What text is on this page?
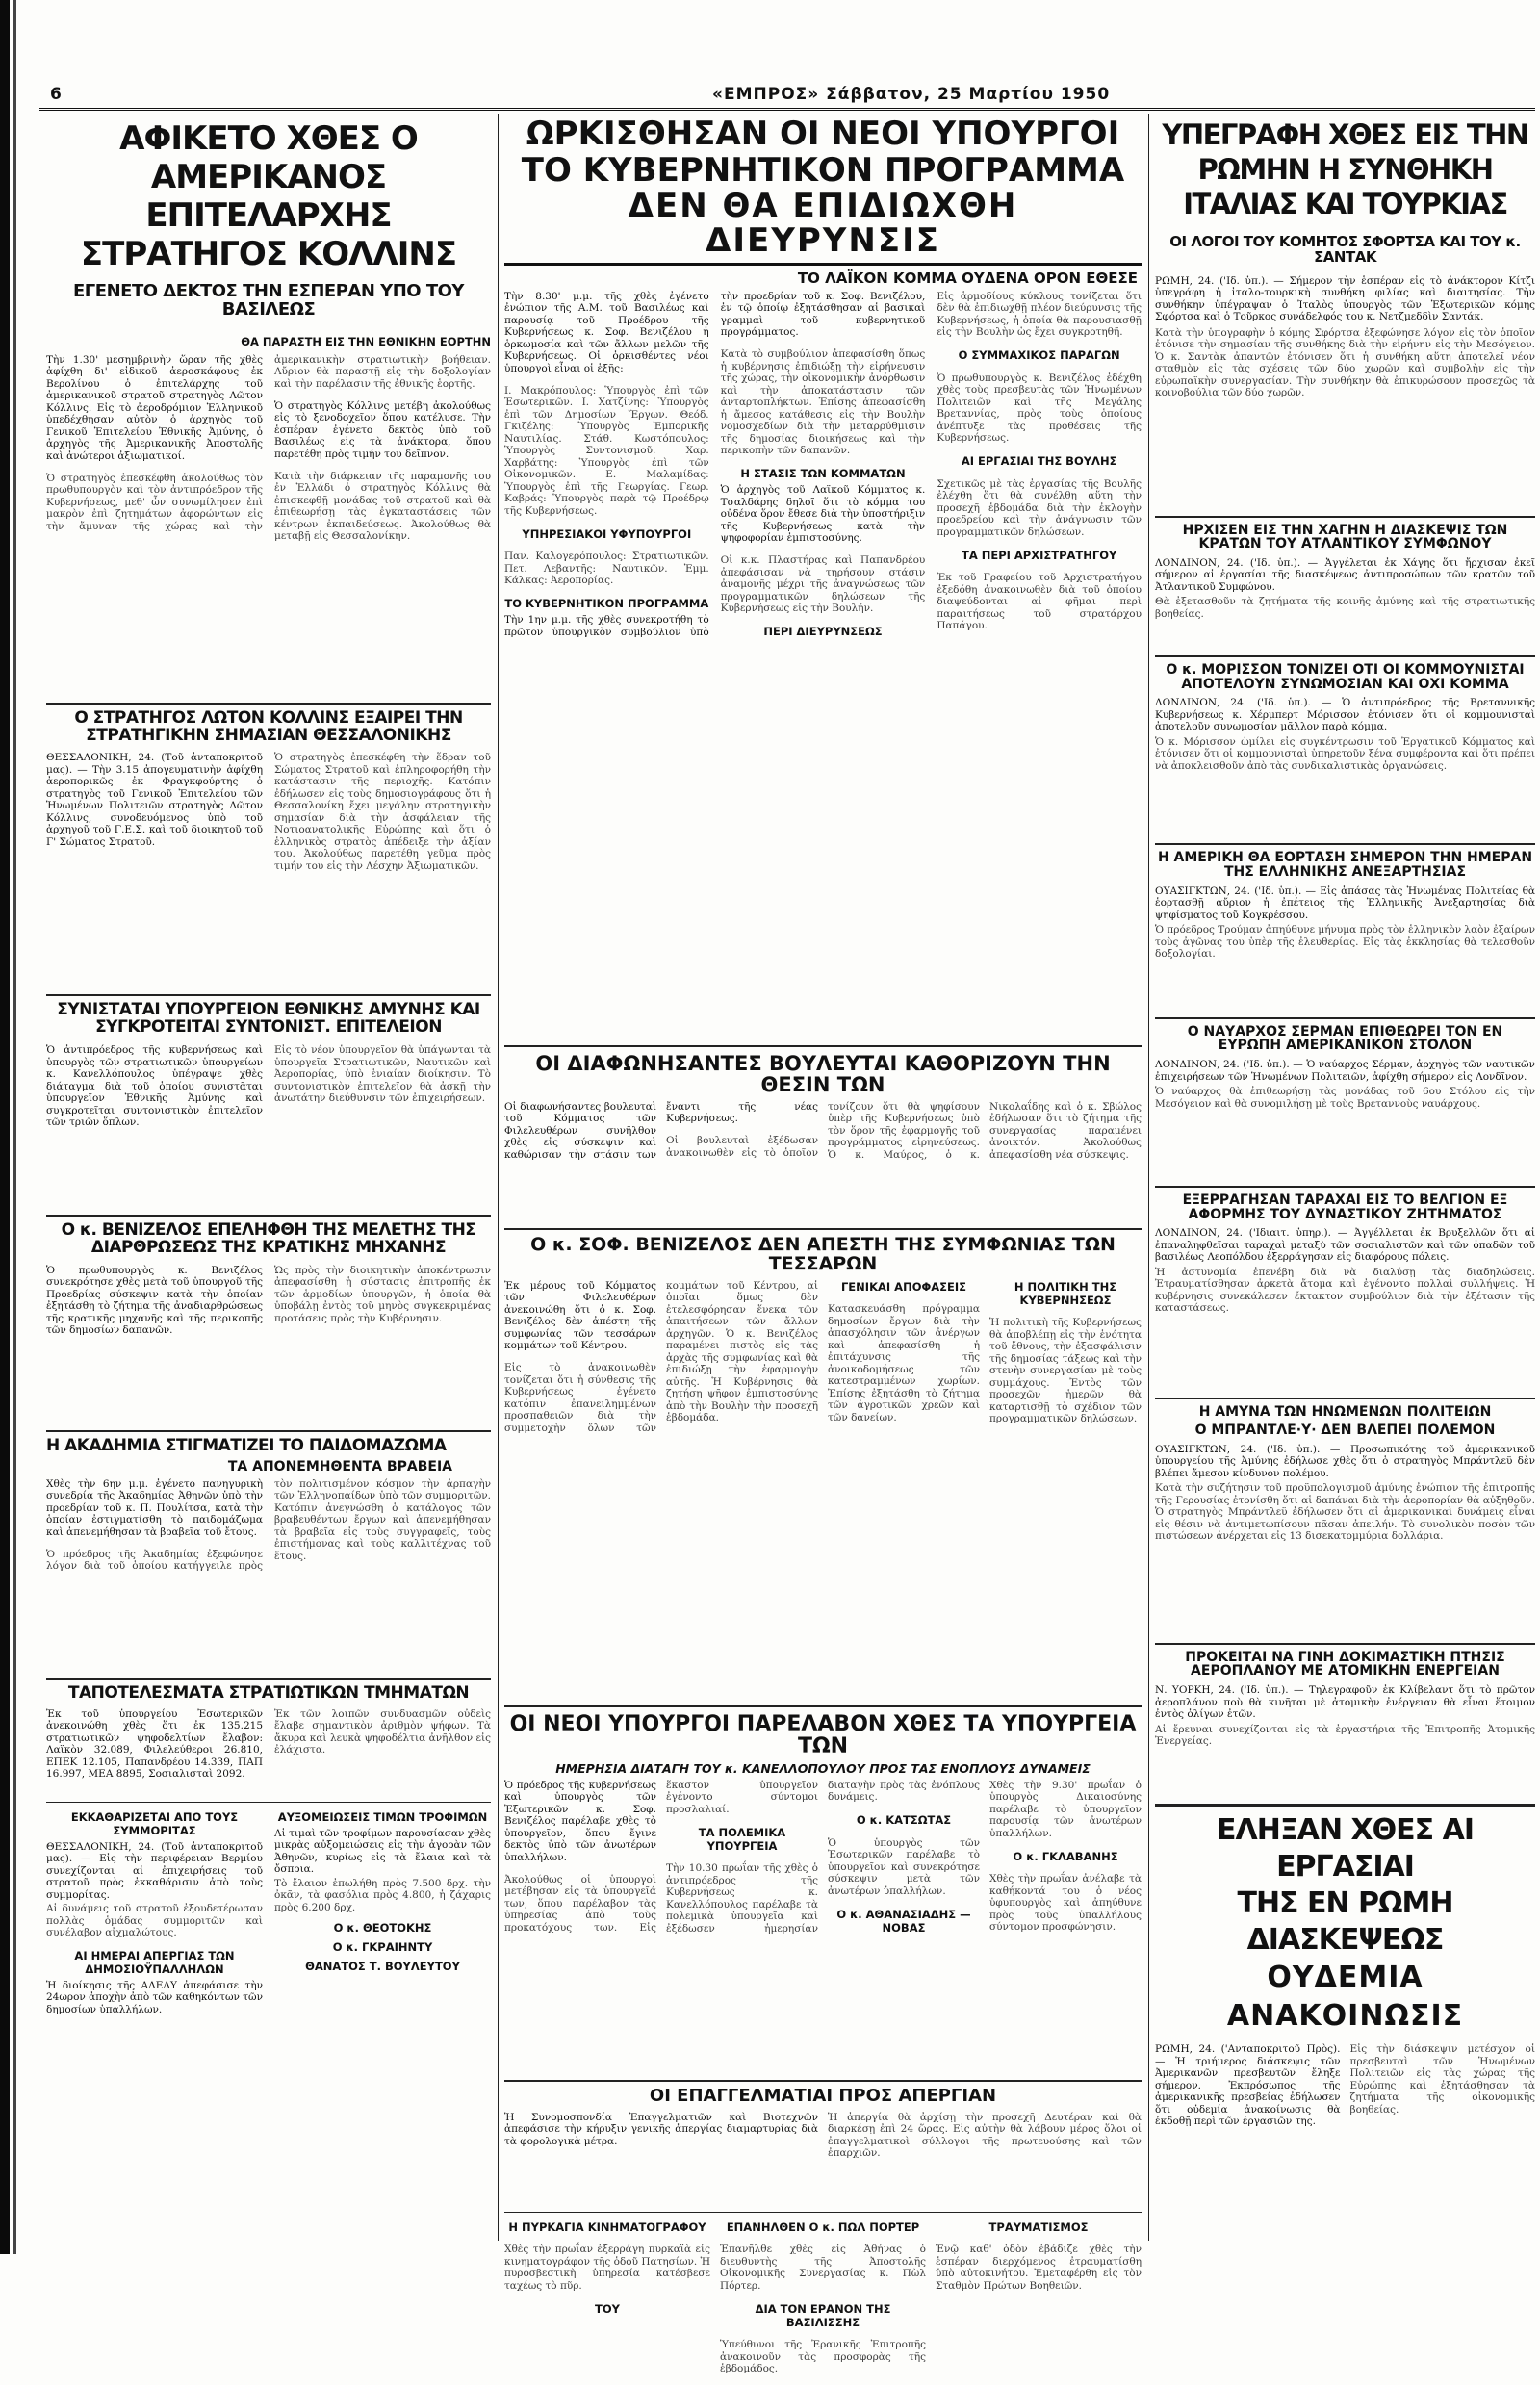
6	«ΕΜΠΡΟΣ» Σάββατον, 25 Μαρτίου 1950
ΑΦΙΚΕΤΟ ΧΘΕΣ Ο ΑΜΕΡΙΚΑΝΟΣ ΕΠΙΤΕΛΑΡΧΗΣ ΣΤΡΑΤΗΓΟΣ ΚΟΛΛΙΝΣ
ΕΓΕΝΕΤΟ ΔΕΚΤΟΣ ΤΗΝ ΕΣΠΕΡΑΝ ΥΠΟ ΤΟΥ ΒΑΣΙΛΕΩΣ
ΘΑ ΠΑΡΑΣΤΗ ΕΙΣ ΤΗΝ ΕΘΝΙΚΗΝ ΕΟΡΤΗΝ

Τὴν 1.30' μεσημβρινὴν ὥραν τῆς χθὲς ἀφίχθη δι' εἰδικοῦ ἀεροσκάφους ἐκ Βερολίνου ὁ ἐπιτελάρχης τοῦ ἀμερικανικοῦ στρατοῦ στρατηγὸς Λῶτον Κόλλινς. Εἰς τὸ ἀεροδρόμιον Ἑλληνικοῦ ὑπεδέχθησαν αὐτὸν ὁ ἀρχηγὸς τοῦ Γενικοῦ Ἐπιτελείου Ἐθνικῆς Ἀμύνης, ὁ ἀρχηγὸς τῆς Ἀμερικανικῆς Ἀποστολῆς καὶ ἀνώτεροι ἀξιωματικοί.

Ὁ στρατηγὸς ἐπεσκέφθη ἀκολούθως τὸν πρωθυπουργὸν καὶ τὸν ἀντιπρόεδρον τῆς Κυβερνήσεως, μεθ' ὧν συνωμίλησεν ἐπὶ μακρὸν ἐπὶ ζητημάτων ἀφορώντων εἰς τὴν ἄμυναν τῆς χώρας καὶ τὴν ἀμερικανικὴν στρατιωτικὴν βοήθειαν. Αὔριον θὰ παραστῇ εἰς τὴν δοξολογίαν καὶ τὴν παρέλασιν τῆς ἐθνικῆς ἑορτῆς.

Ὁ στρατηγὸς Κόλλινς μετέβη ἀκολούθως εἰς τὸ ξενοδοχεῖον ὅπου κατέλυσε. Τὴν ἑσπέραν ἐγένετο δεκτὸς ὑπὸ τοῦ Βασιλέως εἰς τὰ ἀνάκτορα, ὅπου παρετέθη πρὸς τιμήν του δεῖπνον.

Κατὰ τὴν διάρκειαν τῆς παραμονῆς του ἐν Ἑλλάδι ὁ στρατηγὸς Κόλλινς θὰ ἐπισκεφθῇ μονάδας τοῦ στρατοῦ καὶ θὰ ἐπιθεωρήσῃ τὰς ἐγκαταστάσεις τῶν κέντρων ἐκπαιδεύσεως. Ἀκολούθως θὰ μεταβῇ εἰς Θεσσαλονίκην.

Ο ΣΤΡΑΤΗΓΟΣ ΛΩΤΟΝ ΚΟΛΛΙΝΣ ΕΞΑΙΡΕΙ ΤΗΝ ΣΤΡΑΤΗΓΙΚΗΝ ΣΗΜΑΣΙΑΝ ΘΕΣΣΑΛΟΝΙΚΗΣ

ΘΕΣΣΑΛΟΝΙΚΗ, 24. (Τοῦ ἀνταποκριτοῦ μας). — Τὴν 3.15 ἀπογευματινὴν ἀφίχθη ἀεροπορικῶς ἐκ Φραγκφούρτης ὁ στρατηγὸς τοῦ Γενικοῦ Ἐπιτελείου τῶν Ἡνωμένων Πολιτειῶν στρατηγὸς Λῶτον Κόλλινς, συνοδευόμενος ὑπὸ τοῦ ἀρχηγοῦ τοῦ Γ.Ε.Σ. καὶ τοῦ διοικητοῦ τοῦ Γ' Σώματος Στρατοῦ.

Ὁ στρατηγὸς ἐπεσκέφθη τὴν ἕδραν τοῦ Σώματος Στρατοῦ καὶ ἐπληροφορήθη τὴν κατάστασιν τῆς περιοχῆς. Κατόπιν ἐδήλωσεν εἰς τοὺς δημοσιογράφους ὅτι ἡ Θεσσαλονίκη ἔχει μεγάλην στρατηγικὴν σημασίαν διὰ τὴν ἀσφάλειαν τῆς Νοτιοανατολικῆς Εὐρώπης καὶ ὅτι ὁ ἑλληνικὸς στρατὸς ἀπέδειξε τὴν ἀξίαν του. Ἀκολούθως παρετέθη γεῦμα πρὸς τιμήν του εἰς τὴν Λέσχην Ἀξιωματικῶν.

ΣΥΝΙΣΤΑΤΑΙ ΥΠΟΥΡΓΕΙΟΝ ΕΘΝΙΚΗΣ ΑΜΥΝΗΣ ΚΑΙ ΣΥΓΚΡΟΤΕΙΤΑΙ ΣΥΝΤΟΝΙΣΤ. ΕΠΙΤΕΛΕΙΟΝ

Ὁ ἀντιπρόεδρος τῆς κυβερνήσεως καὶ ὑπουργὸς τῶν στρατιωτικῶν ὑπουργείων κ. Κανελλόπουλος ὑπέγραψε χθὲς διάταγμα διὰ τοῦ ὁποίου συνιστᾶται ὑπουργεῖον Ἐθνικῆς Ἀμύνης καὶ συγκροτεῖται συντονιστικὸν ἐπιτελεῖον τῶν τριῶν ὅπλων.

Εἰς τὸ νέον ὑπουργεῖον θὰ ὑπάγωνται τὰ ὑπουργεῖα Στρατιωτικῶν, Ναυτικῶν καὶ Ἀεροπορίας, ὑπὸ ἑνιαίαν διοίκησιν. Τὸ συντονιστικὸν ἐπιτελεῖον θὰ ἀσκῇ τὴν ἀνωτάτην διεύθυνσιν τῶν ἐπιχειρήσεων.

Ο κ. ΒΕΝΙΖΕΛΟΣ ΕΠΕΛΗΦΘΗ ΤΗΣ ΜΕΛΕΤΗΣ ΤΗΣ ΔΙΑΡΘΡΩΣΕΩΣ ΤΗΣ ΚΡΑΤΙΚΗΣ ΜΗΧΑΝΗΣ

Ὁ πρωθυπουργὸς κ. Βενιζέλος συνεκρότησε χθὲς μετὰ τοῦ ὑπουργοῦ τῆς Προεδρίας σύσκεψιν κατὰ τὴν ὁποίαν ἐξητάσθη τὸ ζήτημα τῆς ἀναδιαρθρώσεως τῆς κρατικῆς μηχανῆς καὶ τῆς περικοπῆς τῶν δημοσίων δαπανῶν.

Ὡς πρὸς τὴν διοικητικὴν ἀποκέντρωσιν ἀπεφασίσθη ἡ σύστασις ἐπιτροπῆς ἐκ τῶν ἁρμοδίων ὑπουργῶν, ἡ ὁποία θὰ ὑποβάλῃ ἐντὸς τοῦ μηνὸς συγκεκριμένας προτάσεις πρὸς τὴν Κυβέρνησιν.

Η ΑΚΑΔΗΜΙΑ ΣΤΙΓΜΑΤΙΖΕΙ ΤΟ ΠΑΙΔΟΜΑΖΩΜΑ
ΤΑ ΑΠΟΝΕΜΗΘΕΝΤΑ ΒΡΑΒΕΙΑ

Χθὲς τὴν 6ην μ.μ. ἐγένετο πανηγυρικὴ συνεδρία τῆς Ἀκαδημίας Ἀθηνῶν ὑπὸ τὴν προεδρίαν τοῦ κ. Π. Πουλίτσα, κατὰ τὴν ὁποίαν ἐστιγματίσθη τὸ παιδομάζωμα καὶ ἀπενεμήθησαν τὰ βραβεῖα τοῦ ἔτους.

Ὁ πρόεδρος τῆς Ἀκαδημίας ἐξεφώνησε λόγον διὰ τοῦ ὁποίου κατήγγειλε πρὸς τὸν πολιτισμένον κόσμον τὴν ἀρπαγὴν τῶν Ἑλληνοπαίδων ὑπὸ τῶν συμμοριτῶν. Κατόπιν ἀνεγνώσθη ὁ κατάλογος τῶν βραβευθέντων ἔργων καὶ ἀπενεμήθησαν τὰ βραβεῖα εἰς τοὺς συγγραφεῖς, τοὺς ἐπιστήμονας καὶ τοὺς καλλιτέχνας τοῦ ἔτους.

ΤΑΠΟΤΕΛΕΣΜΑΤΑ ΣΤΡΑΤΙΩΤΙΚΩΝ ΤΜΗΜΑΤΩΝ

Ἐκ τοῦ ὑπουργείου Ἐσωτερικῶν ἀνεκοινώθη χθὲς ὅτι ἐκ 135.215 στρατιωτικῶν ψηφοδελτίων ἔλαβον: Λαϊκὸν 32.089, Φιλελεύθεροι 26.810, ΕΠΕΚ 12.105, Παπανδρέου 14.339, ΠΑΠ 16.997, ΜΕΑ 8895, Σοσιαλισταὶ 2092.

Ἐκ τῶν λοιπῶν συνδυασμῶν οὐδεὶς ἔλαβε σημαντικὸν ἀριθμὸν ψήφων. Τὰ ἄκυρα καὶ λευκὰ ψηφοδέλτια ἀνῆλθον εἰς ἐλάχιστα.

ΕΚΚΑΘΑΡΙΖΕΤΑΙ ΑΠΟ ΤΟΥΣ ΣΥΜΜΟΡΙΤΑΣ

ΘΕΣΣΑΛΟΝΙΚΗ, 24. (Τοῦ ἀνταποκριτοῦ μας). — Εἰς τὴν περιφέρειαν Βερμίου συνεχίζονται αἱ ἐπιχειρήσεις τοῦ στρατοῦ πρὸς ἐκκαθάρισιν ἀπὸ τοὺς συμμορίτας.

Αἱ δυνάμεις τοῦ στρατοῦ ἐξουδετέρωσαν πολλὰς ὁμάδας συμμοριτῶν καὶ συνέλαβον αἰχμαλώτους.

ΑΙ ΗΜΕΡΑΙ ΑΠΕΡΓΙΑΣ ΤΩΝ ΔΗΜΟΣΙΟΫΠΑΛΛΗΛΩΝ

Ἡ διοίκησις τῆς ΑΔΕΔΥ ἀπεφάσισε τὴν 24ωρον ἀποχὴν ἀπὸ τῶν καθηκόντων τῶν δημοσίων ὑπαλλήλων.

ΑΥΞΟΜΕΙΩΣΕΙΣ ΤΙΜΩΝ ΤΡΟΦΙΜΩΝ

Αἱ τιμαὶ τῶν τροφίμων παρουσίασαν χθὲς μικρὰς αὐξομειώσεις εἰς τὴν ἀγορὰν τῶν Ἀθηνῶν, κυρίως εἰς τὰ ἔλαια καὶ τὰ ὄσπρια.

Τὸ ἔλαιον ἐπωλήθη πρὸς 7.500 δρχ. τὴν ὀκᾶν, τὰ φασόλια πρὸς 4.800, ἡ ζάχαρις πρὸς 6.200 δρχ.

Ο κ. ΘΕΟΤΟΚΗΣ
Ο κ. ΓΚΡΑΙΗΝΤΥ
ΘΑΝΑΤΟΣ Τ. ΒΟΥΛΕΥΤΟΥ
ΩΡΚΙΣΘΗΣΑΝ ΟΙ ΝΕΟΙ ΥΠΟΥΡΓΟΙ
ΤΟ ΚΥΒΕΡΝΗΤΙΚΟΝ ΠΡΟΓΡΑΜΜΑ
ΔΕΝ ΘΑ ΕΠΙΔΙΩΧΘΗ ΔΙΕΥΡΥΝΣΙΣ
ΤΟ ΛΑΪΚΟΝ ΚΟΜΜΑ ΟΥΔΕΝΑ ΟΡΟΝ ΕΘΕΣΕ

Τὴν 8.30' μ.μ. τῆς χθὲς ἐγένετο ἐνώπιον τῆς Α.Μ. τοῦ Βασιλέως καὶ παρουσίᾳ τοῦ Προέδρου τῆς Κυβερνήσεως κ. Σοφ. Βενιζέλου ἡ ὁρκωμοσία καὶ τῶν ἄλλων μελῶν τῆς Κυβερνήσεως. Οἱ ὁρκισθέντες νέοι ὑπουργοὶ εἶναι οἱ ἑξῆς:

Ι. Μακρόπουλος: Ὑπουργὸς ἐπὶ τῶν Ἐσωτερικῶν. Ι. Χατζίνης: Ὑπουργὸς ἐπὶ τῶν Δημοσίων Ἔργων. Θεόδ. Γκιζέλης: Ὑπουργὸς Ἐμπορικῆς Ναυτιλίας. Στάθ. Κωστόπουλος: Ὑπουργὸς Συντονισμοῦ. Χαρ. Χαρβάτης: Ὑπουργὸς ἐπὶ τῶν Οἰκονομικῶν. Ε. Μαλαμίδας: Ὑπουργὸς ἐπὶ τῆς Γεωργίας. Γεωρ. Καβράς: Ὑπουργὸς παρὰ τῷ Προέδρῳ τῆς Κυβερνήσεως.

ΥΠΗΡΕΣΙΑΚΟΙ ΥΦΥΠΟΥΡΓΟΙ

Παν. Καλογερόπουλος: Στρατιωτικῶν. Πετ. Λεβαντῆς: Ναυτικῶν. Ἐμμ. Κάλκας: Ἀεροπορίας.

ΤΟ ΚΥΒΕΡΝΗΤΙΚΟΝ ΠΡΟΓΡΑΜΜΑ

Τὴν 1ην μ.μ. τῆς χθὲς συνεκροτήθη τὸ πρῶτον ὑπουργικὸν συμβούλιον ὑπὸ τὴν προεδρίαν τοῦ κ. Σοφ. Βενιζέλου, ἐν τῷ ὁποίῳ ἐξητάσθησαν αἱ βασικαὶ γραμμαὶ τοῦ κυβερνητικοῦ προγράμματος.

Κατὰ τὸ συμβούλιον ἀπεφασίσθη ὅπως ἡ κυβέρνησις ἐπιδιώξῃ τὴν εἰρήνευσιν τῆς χώρας, τὴν οἰκονομικὴν ἀνόρθωσιν καὶ τὴν ἀποκατάστασιν τῶν ἀνταρτοπλήκτων. Ἐπίσης ἀπεφασίσθη ἡ ἄμεσος κατάθεσις εἰς τὴν Βουλὴν νομοσχεδίων διὰ τὴν μεταρρύθμισιν τῆς δημοσίας διοικήσεως καὶ τὴν περικοπὴν τῶν δαπανῶν.

Η ΣΤΑΣΙΣ ΤΩΝ ΚΟΜΜΑΤΩΝ

Ὁ ἀρχηγὸς τοῦ Λαϊκοῦ Κόμματος κ. Τσαλδάρης δηλοῖ ὅτι τὸ κόμμα του οὐδένα ὅρον ἔθεσε διὰ τὴν ὑποστήριξιν τῆς Κυβερνήσεως κατὰ τὴν ψηφοφορίαν ἐμπιστοσύνης.

Οἱ κ.κ. Πλαστήρας καὶ Παπανδρέου ἀπεφάσισαν νὰ τηρήσουν στάσιν ἀναμονῆς μέχρι τῆς ἀναγνώσεως τῶν προγραμματικῶν δηλώσεων τῆς Κυβερνήσεως εἰς τὴν Βουλήν.

ΠΕΡΙ ΔΙΕΥΡΥΝΣΕΩΣ

Εἰς ἁρμοδίους κύκλους τονίζεται ὅτι δὲν θὰ ἐπιδιωχθῇ πλέον διεύρυνσις τῆς Κυβερνήσεως, ἡ ὁποία θὰ παρουσιασθῇ εἰς τὴν Βουλὴν ὡς ἔχει συγκροτηθῆ.

Ο ΣΥΜΜΑΧΙΚΟΣ ΠΑΡΑΓΩΝ

Ὁ πρωθυπουργὸς κ. Βενιζέλος ἐδέχθη χθὲς τοὺς πρεσβευτὰς τῶν Ἡνωμένων Πολιτειῶν καὶ τῆς Μεγάλης Βρεταννίας, πρὸς τοὺς ὁποίους ἀνέπτυξε τὰς προθέσεις τῆς Κυβερνήσεως.

ΑΙ ΕΡΓΑΣΙΑΙ ΤΗΣ ΒΟΥΛΗΣ

Σχετικῶς μὲ τὰς ἐργασίας τῆς Βουλῆς ἐλέχθη ὅτι θὰ συνέλθῃ αὕτη τὴν προσεχῆ ἑβδομάδα διὰ τὴν ἐκλογὴν προεδρείου καὶ τὴν ἀνάγνωσιν τῶν προγραμματικῶν δηλώσεων.

ΤΑ ΠΕΡΙ ΑΡΧΙΣΤΡΑΤΗΓΟΥ

Ἐκ τοῦ Γραφείου τοῦ Ἀρχιστρατήγου ἐξεδόθη ἀνακοινωθὲν διὰ τοῦ ὁποίου διαψεύδονται αἱ φῆμαι περὶ παραιτήσεως τοῦ στρατάρχου Παπάγου.

ΟΙ ΔΙΑΦΩΝΗΣΑΝΤΕΣ ΒΟΥΛΕΥΤΑΙ ΚΑΘΟΡΙΖΟΥΝ ΤΗΝ ΘΕΣΙΝ ΤΩΝ

Οἱ διαφωνήσαντες βουλευταὶ τοῦ Κόμματος τῶν Φιλελευθέρων συνῆλθον χθὲς εἰς σύσκεψιν καὶ καθώρισαν τὴν στάσιν των ἔναντι τῆς νέας Κυβερνήσεως.

Οἱ βουλευταὶ ἐξέδωσαν ἀνακοινωθὲν εἰς τὸ ὁποῖον τονίζουν ὅτι θὰ ψηφίσουν ὑπὲρ τῆς Κυβερνήσεως ὑπὸ τὸν ὅρον τῆς ἐφαρμογῆς τοῦ προγράμματος εἰρηνεύσεως. Ὁ κ. Μαύρος, ὁ κ. Νικολαΐδης καὶ ὁ κ. Σβώλος ἐδήλωσαν ὅτι τὸ ζήτημα τῆς συνεργασίας παραμένει ἀνοικτόν. Ἀκολούθως ἀπεφασίσθη νέα σύσκεψις.

Ο κ. ΣΟΦ. ΒΕΝΙΖΕΛΟΣ ΔΕΝ ΑΠΕΣΤΗ ΤΗΣ ΣΥΜΦΩΝΙΑΣ ΤΩΝ ΤΕΣΣΑΡΩΝ

Ἐκ μέρους τοῦ Κόμματος τῶν Φιλελευθέρων ἀνεκοινώθη ὅτι ὁ κ. Σοφ. Βενιζέλος δὲν ἀπέστη τῆς συμφωνίας τῶν τεσσάρων κομμάτων τοῦ Κέντρου.

Εἰς τὸ ἀνακοινωθὲν τονίζεται ὅτι ἡ σύνθεσις τῆς Κυβερνήσεως ἐγένετο κατόπιν ἐπανειλημμένων προσπαθειῶν διὰ τὴν συμμετοχὴν ὅλων τῶν κομμάτων τοῦ Κέντρου, αἱ ὁποῖαι ὅμως δὲν ἐτελεσφόρησαν ἕνεκα τῶν ἀπαιτήσεων τῶν ἄλλων ἀρχηγῶν. Ὁ κ. Βενιζέλος παραμένει πιστὸς εἰς τὰς ἀρχὰς τῆς συμφωνίας καὶ θὰ ἐπιδιώξῃ τὴν ἐφαρμογὴν αὐτῆς. Ἡ Κυβέρνησις θὰ ζητήσῃ ψῆφον ἐμπιστοσύνης ἀπὸ τὴν Βουλὴν τὴν προσεχῆ ἑβδομάδα.

ΓΕΝΙΚΑΙ ΑΠΟΦΑΣΕΙΣ

Κατασκευάσθη πρόγραμμα δημοσίων ἔργων διὰ τὴν ἀπασχόλησιν τῶν ἀνέργων καὶ ἀπεφασίσθη ἡ ἐπιτάχυνσις τῆς ἀνοικοδομήσεως τῶν κατεστραμμένων χωρίων. Ἐπίσης ἐξητάσθη τὸ ζήτημα τῶν ἀγροτικῶν χρεῶν καὶ τῶν δανείων.

Η ΠΟΛΙΤΙΚΗ ΤΗΣ ΚΥΒΕΡΝΗΣΕΩΣ

Ἡ πολιτικὴ τῆς Κυβερνήσεως θὰ ἀποβλέπῃ εἰς τὴν ἑνότητα τοῦ ἔθνους, τὴν ἐξασφάλισιν τῆς δημοσίας τάξεως καὶ τὴν στενὴν συνεργασίαν μὲ τοὺς συμμάχους. Ἐντὸς τῶν προσεχῶν ἡμερῶν θὰ καταρτισθῇ τὸ σχέδιον τῶν προγραμματικῶν δηλώσεων.

ΟΙ ΝΕΟΙ ΥΠΟΥΡΓΟΙ ΠΑΡΕΛΑΒΟΝ ΧΘΕΣ ΤΑ ΥΠΟΥΡΓΕΙΑ ΤΩΝ
ΗΜΕΡΗΣΙΑ ΔΙΑΤΑΓΗ ΤΟΥ κ. ΚΑΝΕΛΛΟΠΟΥΛΟΥ ΠΡΟΣ ΤΑΣ ΕΝΟΠΛΟΥΣ ΔΥΝΑΜΕΙΣ

Ὁ πρόεδρος τῆς κυβερνήσεως καὶ ὑπουργὸς τῶν Ἐξωτερικῶν κ. Σοφ. Βενιζέλος παρέλαβε χθὲς τὸ ὑπουργεῖον, ὅπου ἔγινε δεκτὸς ὑπὸ τῶν ἀνωτέρων ὑπαλλήλων.

Ἀκολούθως οἱ ὑπουργοὶ μετέβησαν εἰς τὰ ὑπουργεῖά των, ὅπου παρέλαβον τὰς ὑπηρεσίας ἀπὸ τοὺς προκατόχους των. Εἰς ἕκαστον ὑπουργεῖον ἐγένοντο σύντομοι προσλαλιαί.

ΤΑ ΠΟΛΕΜΙΚΑ ΥΠΟΥΡΓΕΙΑ

Τὴν 10.30 πρωΐαν τῆς χθὲς ὁ ἀντιπρόεδρος τῆς Κυβερνήσεως κ. Κανελλόπουλος παρέλαβε τὰ πολεμικὰ ὑπουργεῖα καὶ ἐξέδωσεν ἡμερησίαν διαταγὴν πρὸς τὰς ἐνόπλους δυνάμεις.

Ο κ. ΚΑΤΣΩΤΑΣ

Ὁ ὑπουργὸς τῶν Ἐσωτερικῶν παρέλαβε τὸ ὑπουργεῖον καὶ συνεκρότησε σύσκεψιν μετὰ τῶν ἀνωτέρων ὑπαλλήλων.

Ο κ. ΑΘΑΝΑΣΙΑΔΗΣ — ΝΟΒΑΣ

Χθὲς τὴν 9.30' πρωΐαν ὁ ὑπουργὸς Δικαιοσύνης παρέλαβε τὸ ὑπουργεῖον παρουσίᾳ τῶν ἀνωτέρων ὑπαλλήλων.

Ο κ. ΓΚΛΑΒΑΝΗΣ

Χθὲς τὴν πρωΐαν ἀνέλαβε τὰ καθήκοντά του ὁ νέος ὑφυπουργὸς καὶ ἀπηύθυνε πρὸς τοὺς ὑπαλλήλους σύντομον προσφώνησιν.

ΟΙ ΕΠΑΓΓΕΛΜΑΤΙΑΙ ΠΡΟΣ ΑΠΕΡΓΙΑΝ

Ἡ Συνομοσπονδία Ἐπαγγελματιῶν καὶ Βιοτεχνῶν ἀπεφάσισε τὴν κήρυξιν γενικῆς ἀπεργίας διαμαρτυρίας διὰ τὰ φορολογικὰ μέτρα.

Ἡ ἀπεργία θὰ ἀρχίσῃ τὴν προσεχῆ Δευτέραν καὶ θὰ διαρκέσῃ ἐπὶ 24 ὥρας. Εἰς αὐτὴν θὰ λάβουν μέρος ὅλοι οἱ ἐπαγγελματικοὶ σύλλογοι τῆς πρωτευούσης καὶ τῶν ἐπαρχιῶν.

Η ΠΥΡΚΑΓΙΑ ΚΙΝΗΜΑΤΟΓΡΑΦΟΥ

Χθὲς τὴν πρωΐαν ἐξερράγη πυρκαϊὰ εἰς κινηματογράφον τῆς ὁδοῦ Πατησίων. Ἡ πυροσβεστικὴ ὑπηρεσία κατέσβεσε ταχέως τὸ πῦρ.

ΤΟΥ
ΕΠΑΝΗΛΘΕΝ Ο κ. ΠΩΛ ΠΟΡΤΕΡ

Ἐπανῆλθε χθὲς εἰς Ἀθήνας ὁ διευθυντὴς τῆς Ἀποστολῆς Οἰκονομικῆς Συνεργασίας κ. Πὼλ Πόρτερ.

ΔΙΑ ΤΟΝ ΕΡΑΝΟΝ ΤΗΣ ΒΑΣΙΛΙΣΣΗΣ

Ὑπεύθυνοι τῆς Ἐρανικῆς Ἐπιτροπῆς ἀνακοινοῦν τὰς προσφορὰς τῆς ἑβδομάδος.

ΤΡΑΥΜΑΤΙΣΜΟΣ

Ἐνῷ καθ' ὁδὸν ἐβάδιζε χθὲς τὴν ἑσπέραν διερχόμενος ἐτραυματίσθη ὑπὸ αὐτοκινήτου. Ἐμεταφέρθη εἰς τὸν Σταθμὸν Πρώτων Βοηθειῶν.

ΥΠΕΓΡΑΦΗ ΧΘΕΣ ΕΙΣ ΤΗΝ ΡΩΜΗΝ Η ΣΥΝΘΗΚΗ ΙΤΑΛΙΑΣ ΚΑΙ ΤΟΥΡΚΙΑΣ
ΟΙ ΛΟΓΟΙ ΤΟΥ ΚΟΜΗΤΟΣ ΣΦΟΡΤΣΑ ΚΑΙ ΤΟΥ κ. ΣΑΝΤΑΚ

ΡΩΜΗ, 24. ('Ιδ. ὑπ.). — Σήμερον τὴν ἑσπέραν εἰς τὸ ἀνάκτορον Κίτζι ὑπεγράφη ἡ ἰταλο-τουρκικὴ συνθήκη φιλίας καὶ διαιτησίας. Τὴν συνθήκην ὑπέγραψαν ὁ Ἰταλὸς ὑπουργὸς τῶν Ἐξωτερικῶν κόμης Σφόρτσα καὶ ὁ Τοῦρκος συνάδελφός του κ. Νετζμεδδὶν Σαντάκ.

Κατὰ τὴν ὑπογραφὴν ὁ κόμης Σφόρτσα ἐξεφώνησε λόγον εἰς τὸν ὁποῖον ἐτόνισε τὴν σημασίαν τῆς συνθήκης διὰ τὴν εἰρήνην εἰς τὴν Μεσόγειον. Ὁ κ. Σαντὰκ ἀπαντῶν ἐτόνισεν ὅτι ἡ συνθήκη αὕτη ἀποτελεῖ νέον σταθμὸν εἰς τὰς σχέσεις τῶν δύο χωρῶν καὶ συμβολὴν εἰς τὴν εὐρωπαϊκὴν συνεργασίαν. Τὴν συνθήκην θὰ ἐπικυρώσουν προσεχῶς τὰ κοινοβούλια τῶν δύο χωρῶν.

ΗΡΧΙΣΕΝ ΕΙΣ ΤΗΝ ΧΑΓΗΝ Η ΔΙΑΣΚΕΨΙΣ ΤΩΝ ΚΡΑΤΩΝ ΤΟΥ ΑΤΛΑΝΤΙΚΟΥ ΣΥΜΦΩΝΟΥ

ΛΟΝΔΙΝΟΝ, 24. ('Ιδ. ὑπ.). — Ἀγγέλεται ἐκ Χάγης ὅτι ἤρχισαν ἐκεῖ σήμερον αἱ ἐργασίαι τῆς διασκέψεως ἀντιπροσώπων τῶν κρατῶν τοῦ Ἀτλαντικοῦ Συμφώνου.

Θὰ ἐξετασθοῦν τὰ ζητήματα τῆς κοινῆς ἀμύνης καὶ τῆς στρατιωτικῆς βοηθείας.

Ο κ. ΜΟΡΙΣΣΟΝ ΤΟΝΙΖΕΙ ΟΤΙ ΟΙ ΚΟΜΜΟΥΝΙΣΤΑΙ ΑΠΟΤΕΛΟΥΝ ΣΥΝΩΜΟΣΙΑΝ ΚΑΙ ΟΧΙ ΚΟΜΜΑ

ΛΟΝΔΙΝΟΝ, 24. ('Ιδ. ὑπ.). — Ὁ ἀντιπρόεδρος τῆς Βρεταννικῆς Κυβερνήσεως κ. Χέρμπερτ Μόρισσον ἐτόνισεν ὅτι οἱ κομμουνισταὶ ἀποτελοῦν συνωμοσίαν μᾶλλον παρὰ κόμμα.

Ὁ κ. Μόρισσον ὡμίλει εἰς συγκέντρωσιν τοῦ Ἐργατικοῦ Κόμματος καὶ ἐτόνισεν ὅτι οἱ κομμουνισταὶ ὑπηρετοῦν ξένα συμφέροντα καὶ ὅτι πρέπει νὰ ἀποκλεισθοῦν ἀπὸ τὰς συνδικαλιστικὰς ὀργανώσεις.

Η ΑΜΕΡΙΚΗ ΘΑ ΕΟΡΤΑΣΗ ΣΗΜΕΡΟΝ ΤΗΝ ΗΜΕΡΑΝ ΤΗΣ ΕΛΛΗΝΙΚΗΣ ΑΝΕΞΑΡΤΗΣΙΑΣ

ΟΥΑΣΙΓΚΤΩΝ, 24. ('Ιδ. ὑπ.). — Εἰς ἁπάσας τὰς Ἡνωμένας Πολιτείας θὰ ἑορτασθῇ αὔριον ἡ ἐπέτειος τῆς Ἑλληνικῆς Ἀνεξαρτησίας διὰ ψηφίσματος τοῦ Κογκρέσσου.

Ὁ πρόεδρος Τρούμαν ἀπηύθυνε μήνυμα πρὸς τὸν ἑλληνικὸν λαὸν ἐξαίρων τοὺς ἀγῶνας του ὑπὲρ τῆς ἐλευθερίας. Εἰς τὰς ἐκκλησίας θὰ τελεσθοῦν δοξολογίαι.

Ο ΝΑΥΑΡΧΟΣ ΣΕΡΜΑΝ ΕΠΙΘΕΩΡΕΙ ΤΟΝ ΕΝ ΕΥΡΩΠΗ ΑΜΕΡΙΚΑΝΙΚΟΝ ΣΤΟΛΟΝ

ΛΟΝΔΙΝΟΝ, 24. ('Ιδ. ὑπ.). — Ὁ ναύαρχος Σέρμαν, ἀρχηγὸς τῶν ναυτικῶν ἐπιχειρήσεων τῶν Ἡνωμένων Πολιτειῶν, ἀφίχθη σήμερον εἰς Λονδῖνον.

Ὁ ναύαρχος θὰ ἐπιθεωρήσῃ τὰς μονάδας τοῦ 6ου Στόλου εἰς τὴν Μεσόγειον καὶ θὰ συνομιλήσῃ μὲ τοὺς Βρεταννοὺς ναυάρχους.

ΕΞΕΡΡΑΓΗΣΑΝ ΤΑΡΑΧΑΙ ΕΙΣ ΤΟ ΒΕΛΓΙΟΝ ΕΞ ΑΦΟΡΜΗΣ ΤΟΥ ΔΥΝΑΣΤΙΚΟΥ ΖΗΤΗΜΑΤΟΣ

ΛΟΝΔΙΝΟΝ, 24. ('Ιδιαιτ. ὑπηρ.). — Ἀγγέλλεται ἐκ Βρυξελλῶν ὅτι αἱ ἐπαναληφθεῖσαι ταραχαὶ μεταξὺ τῶν σοσιαλιστῶν καὶ τῶν ὀπαδῶν τοῦ βασιλέως Λεοπόλδου ἐξερράγησαν εἰς διαφόρους πόλεις.

Ἡ ἀστυνομία ἐπενέβη διὰ νὰ διαλύσῃ τὰς διαδηλώσεις. Ἐτραυματίσθησαν ἀρκετὰ ἄτομα καὶ ἐγένοντο πολλαὶ συλλήψεις. Ἡ κυβέρνησις συνεκάλεσεν ἔκτακτον συμβούλιον διὰ τὴν ἐξέτασιν τῆς καταστάσεως.

Η ΑΜΥΝΑ ΤΩΝ ΗΝΩΜΕΝΩΝ ΠΟΛΙΤΕΙΩΝ
Ο ΜΠΡΑΝΤΛΕ·Υ· ΔΕΝ ΒΛΕΠΕΙ ΠΟΛΕΜΟΝ

ΟΥΑΣΙΓΚΤΩΝ, 24. ('Ιδ. ὑπ.). — Προσωπικότης τοῦ ἀμερικανικοῦ ὑπουργείου τῆς Ἀμύνης ἐδήλωσε χθὲς ὅτι ὁ στρατηγὸς Μπράντλεϋ δὲν βλέπει ἄμεσον κίνδυνον πολέμου.

Κατὰ τὴν συζήτησιν τοῦ προϋπολογισμοῦ ἀμύνης ἐνώπιον τῆς ἐπιτροπῆς τῆς Γερουσίας ἐτονίσθη ὅτι αἱ δαπάναι διὰ τὴν ἀεροπορίαν θὰ αὐξηθοῦν. Ὁ στρατηγὸς Μπράντλεϋ ἐδήλωσεν ὅτι αἱ ἀμερικανικαὶ δυνάμεις εἶναι εἰς θέσιν νὰ ἀντιμετωπίσουν πᾶσαν ἀπειλήν. Τὸ συνολικὸν ποσὸν τῶν πιστώσεων ἀνέρχεται εἰς 13 δισεκατομμύρια δολλάρια.

ΠΡΟΚΕΙΤΑΙ ΝΑ ΓΙΝΗ ΔΟΚΙΜΑΣΤΙΚΗ ΠΤΗΣΙΣ ΑΕΡΟΠΛΑΝΟΥ ΜΕ ΑΤΟΜΙΚΗΝ ΕΝΕΡΓΕΙΑΝ

Ν. ΥΟΡΚΗ, 24. ('Ιδ. ὑπ.). — Τηλεγραφοῦν ἐκ Κλίβελαντ ὅτι τὸ πρῶτον ἀεροπλάνον ποὺ θὰ κινῆται μὲ ἀτομικὴν ἐνέργειαν θὰ εἶναι ἕτοιμον ἐντὸς ὀλίγων ἐτῶν.

Αἱ ἔρευναι συνεχίζονται εἰς τὰ ἐργαστήρια τῆς Ἐπιτροπῆς Ἀτομικῆς Ἐνεργείας.

ΕΛΗΞΑΝ ΧΘΕΣ ΑΙ ΕΡΓΑΣΙΑΙ
ΤΗΣ ΕΝ ΡΩΜΗ ΔΙΑΣΚΕΨΕΩΣ
ΟΥΔΕΜΙΑ ΑΝΑΚΟΙΝΩΣΙΣ

ΡΩΜΗ, 24. ('Ανταποκριτοῦ Πρὸς). — Ἡ τριήμερος διάσκεψις τῶν Ἀμερικανῶν πρεσβευτῶν ἔληξε σήμερον. Ἐκπρόσωπος τῆς ἀμερικανικῆς πρεσβείας ἐδήλωσεν ὅτι οὐδεμία ἀνακοίνωσις θὰ ἐκδοθῇ περὶ τῶν ἐργασιῶν της.

Εἰς τὴν διάσκεψιν μετέσχον οἱ πρεσβευταὶ τῶν Ἡνωμένων Πολιτειῶν εἰς τὰς χώρας τῆς Εὐρώπης καὶ ἐξητάσθησαν τὰ ζητήματα τῆς οἰκονομικῆς βοηθείας.
